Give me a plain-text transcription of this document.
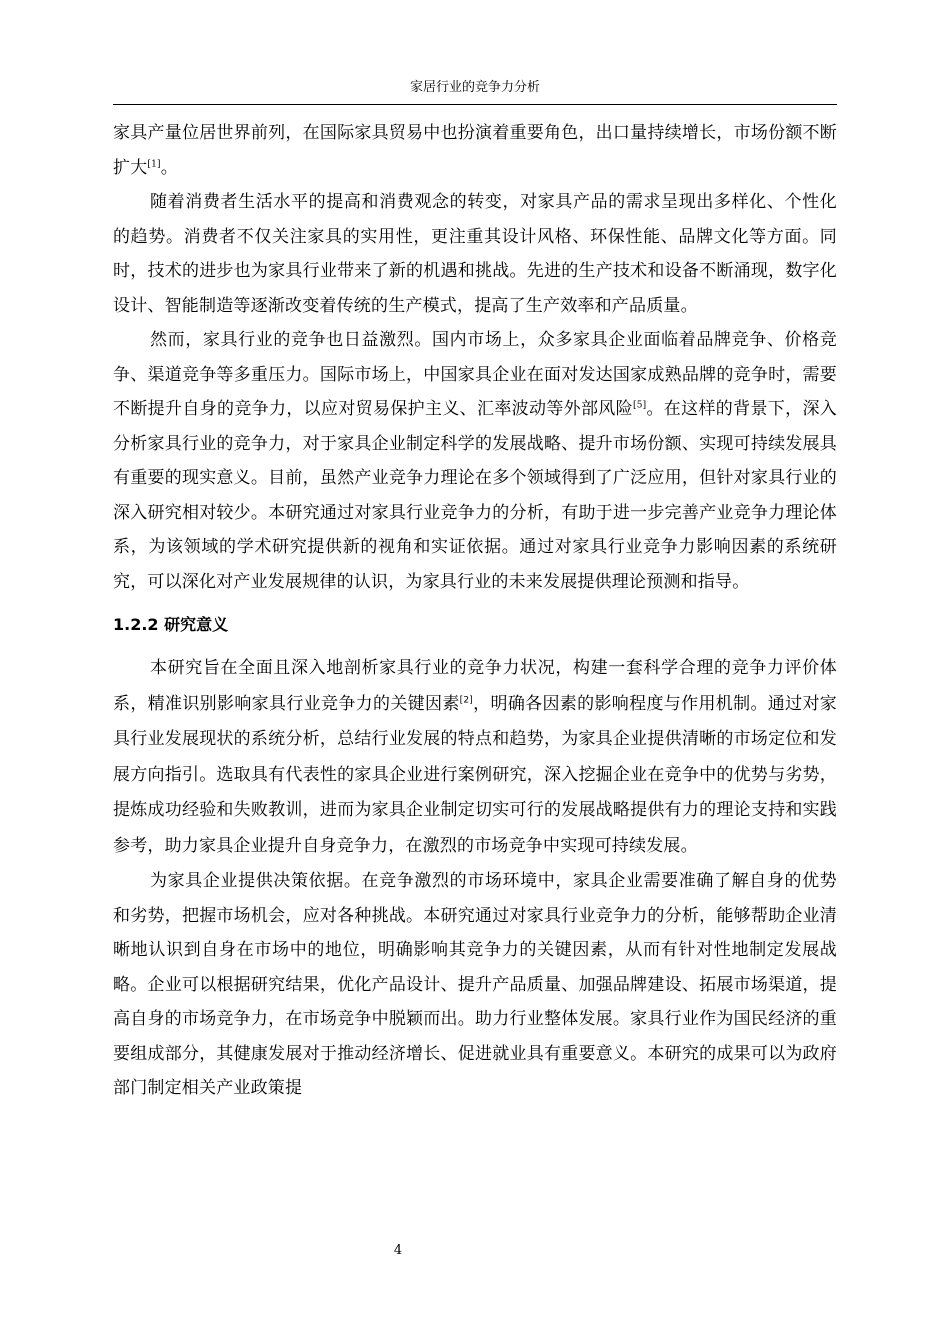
家居行业的竞争力分析

家具产量位居世界前列，在国际家具贸易中也扮演着重要角色，出口量持续增长，市场份额不断扩大[1]。

随着消费者生活水平的提高和消费观念的转变，对家具产品的需求呈现出多样化、个性化的趋势。消费者不仅关注家具的实用性，更注重其设计风格、环保性能、品牌文化等方面。同时，技术的进步也为家具行业带来了新的机遇和挑战。先进的生产技术和设备不断涌现，数字化设计、智能制造等逐渐改变着传统的生产模式，提高了生产效率和产品质量。

然而，家具行业的竞争也日益激烈。国内市场上，众多家具企业面临着品牌竞争、价格竞争、渠道竞争等多重压力。国际市场上，中国家具企业在面对发达国家成熟品牌的竞争时，需要不断提升自身的竞争力，以应对贸易保护主义、汇率波动等外部风险[5]。在这样的背景下，深入分析家具行业的竞争力，对于家具企业制定科学的发展战略、提升市场份额、实现可持续发展具有重要的现实意义。目前，虽然产业竞争力理论在多个领域得到了广泛应用，但针对家具行业的深入研究相对较少。本研究通过对家具行业竞争力的分析，有助于进一步完善产业竞争力理论体系，为该领域的学术研究提供新的视角和实证依据。通过对家具行业竞争力影响因素的系统研究，可以深化对产业发展规律的认识，为家具行业的未来发展提供理论预测和指导。

1.2.2 研究意义

本研究旨在全面且深入地剖析家具行业的竞争力状况，构建一套科学合理的竞争力评价体系，精准识别影响家具行业竞争力的关键因素[2]，明确各因素的影响程度与作用机制。通过对家具行业发展现状的系统分析，总结行业发展的特点和趋势，为家具企业提供清晰的市场定位和发展方向指引。选取具有代表性的家具企业进行案例研究，深入挖掘企业在竞争中的优势与劣势，提炼成功经验和失败教训，进而为家具企业制定切实可行的发展战略提供有力的理论支持和实践参考，助力家具企业提升自身竞争力，在激烈的市场竞争中实现可持续发展。

为家具企业提供决策依据。在竞争激烈的市场环境中，家具企业需要准确了解自身的优势和劣势，把握市场机会，应对各种挑战。本研究通过对家具行业竞争力的分析，能够帮助企业清晰地认识到自身在市场中的地位，明确影响其竞争力的关键因素，从而有针对性地制定发展战略。企业可以根据研究结果，优化产品设计、提升产品质量、加强品牌建设、拓展市场渠道，提高自身的市场竞争力，在市场竞争中脱颖而出。助力行业整体发展。家具行业作为国民经济的重要组成部分，其健康发展对于推动经济增长、促进就业具有重要意义。本研究的成果可以为政府部门制定相关产业政策提

4
